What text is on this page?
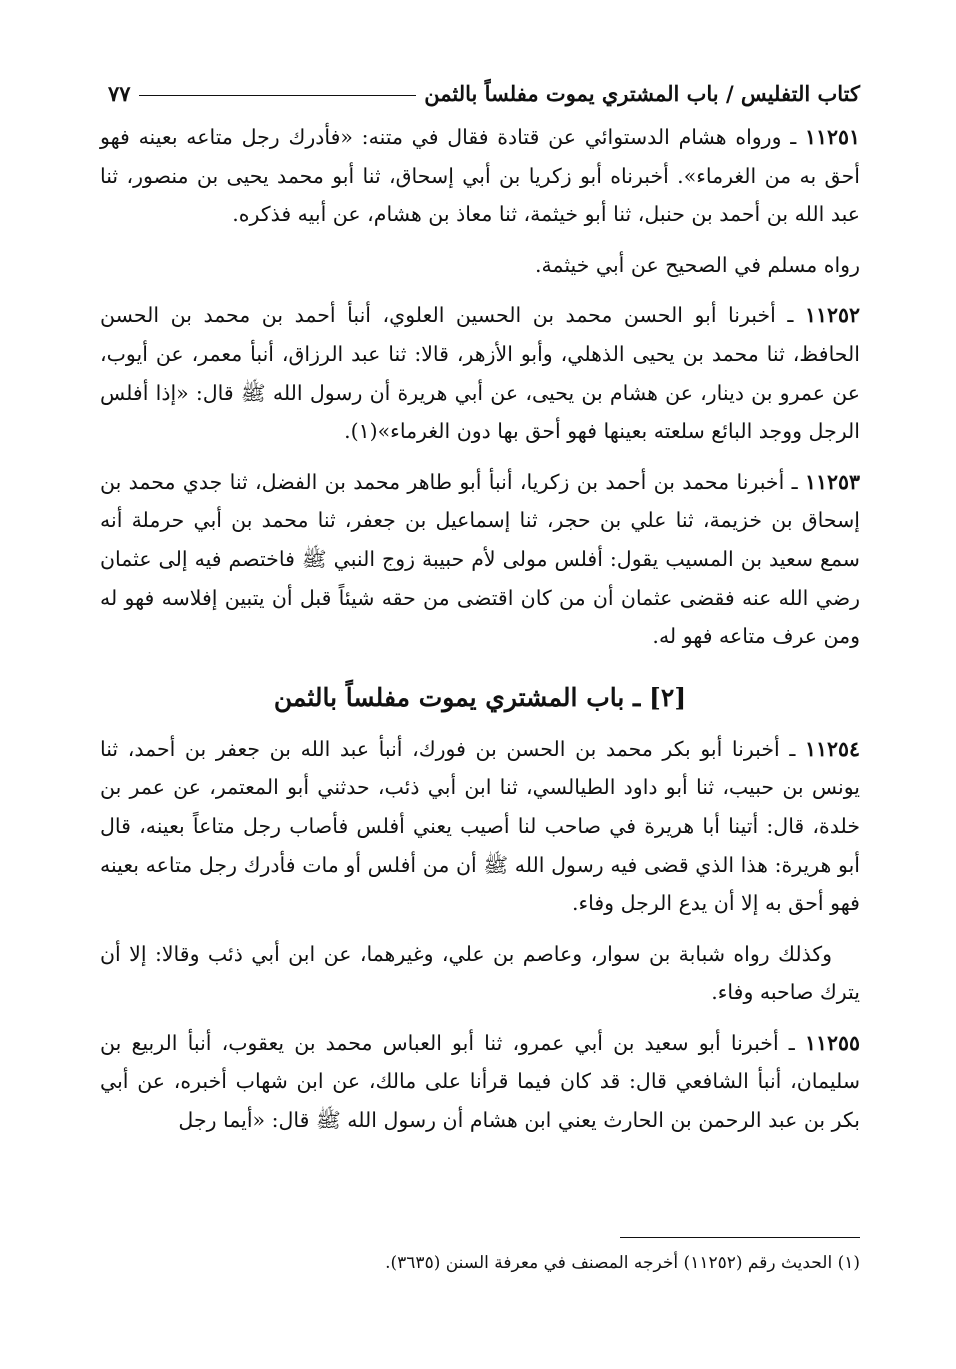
٧٧	كتاب التفليس / باب المشتري يموت مفلساً بالثمن

١١٢٥١ ـ ورواه هشام الدستوائي عن قتادة فقال في متنه: «فأدرك رجل متاعه بعينه فهو أحق به من الغرماء». أخبرناه أبو زكريا بن أبي إسحاق، ثنا أبو محمد يحيى بن منصور، ثنا عبد الله بن أحمد بن حنبل، ثنا أبو خيثمة، ثنا معاذ بن هشام، عن أبيه فذكره.

رواه مسلم في الصحيح عن أبي خيثمة.

١١٢٥٢ ـ أخبرنا أبو الحسن محمد بن الحسين العلوي، أنبأ أحمد بن محمد بن الحسن الحافظ، ثنا محمد بن يحيى الذهلي، وأبو الأزهر، قالا: ثنا عبد الرزاق، أنبأ معمر، عن أيوب، عن عمرو بن دينار، عن هشام بن يحيى، عن أبي هريرة أن رسول الله ﷺ قال: «إذا أفلس الرجل ووجد البائع سلعته بعينها فهو أحق بها دون الغرماء»(١).

١١٢٥٣ ـ أخبرنا محمد بن أحمد بن زكريا، أنبأ أبو طاهر محمد بن الفضل، ثنا جدي محمد بن إسحاق بن خزيمة، ثنا علي بن حجر، ثنا إسماعيل بن جعفر، ثنا محمد بن أبي حرملة أنه سمع سعيد بن المسيب يقول: أفلس مولى لأم حبيبة زوج النبي ﷺ فاختصم فيه إلى عثمان رضي الله عنه فقضى عثمان أن من كان اقتضى من حقه شيئاً قبل أن يتبين إفلاسه فهو له ومن عرف متاعه فهو له.

[٢] ـ باب المشتري يموت مفلساً بالثمن

١١٢٥٤ ـ أخبرنا أبو بكر محمد بن الحسن بن فورك، أنبأ عبد الله بن جعفر بن أحمد، ثنا يونس بن حبيب، ثنا أبو داود الطيالسي، ثنا ابن أبي ذئب، حدثني أبو المعتمر، عن عمر بن خلدة، قال: أتينا أبا هريرة في صاحب لنا أصيب يعني أفلس فأصاب رجل متاعاً بعينه، قال أبو هريرة: هذا الذي قضى فيه رسول الله ﷺ أن من أفلس أو مات فأدرك رجل متاعه بعينه فهو أحق به إلا أن يدع الرجل وفاء.

وكذلك رواه شبابة بن سوار، وعاصم بن علي، وغيرهما، عن ابن أبي ذئب وقالا: إلا أن يترك صاحبه وفاء.

١١٢٥٥ ـ أخبرنا أبو سعيد بن أبي عمرو، ثنا أبو العباس محمد بن يعقوب، أنبأ الربيع بن سليمان، أنبأ الشافعي قال: قد كان فيما قرأنا على مالك، عن ابن شهاب أخبره، عن أبي بكر بن عبد الرحمن بن الحارث يعني ابن هشام أن رسول الله ﷺ قال: «أيما رجل

(١) الحديث رقم (١١٢٥٢) أخرجه المصنف في معرفة السنن (٣٦٣٥).
